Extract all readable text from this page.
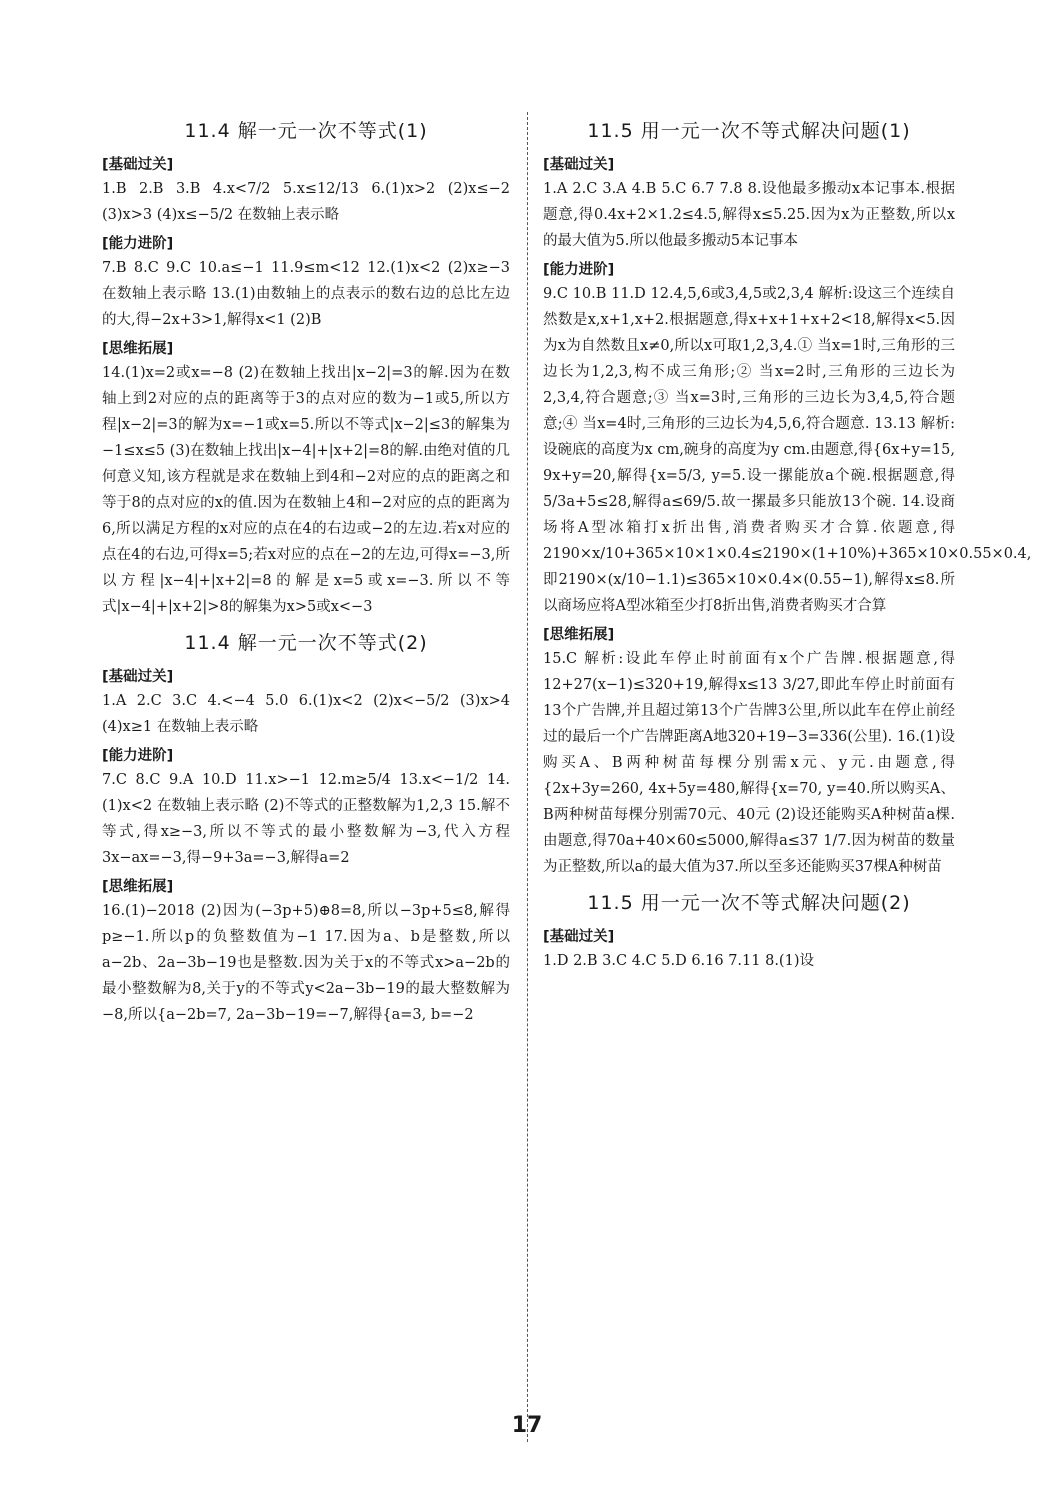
11.4 解一元一次不等式(1)
[基础过关]

1.B 2.B 3.B 4.x<7/2 5.x≤12/13 6.(1)x>2 (2)x≤−2 (3)x>3 (4)x≤−5/2 在数轴上表示略

[能力进阶]

7.B 8.C 9.C 10.a≤−1 11.9≤m<12 12.(1)x<2 (2)x≥−3 在数轴上表示略 13.(1)由数轴上的点表示的数右边的总比左边的大,得−2x+3>1,解得x<1 (2)B

[思维拓展]

14.(1)x=2或x=−8 (2)在数轴上找出|x−2|=3的解.因为在数轴上到2对应的点的距离等于3的点对应的数为−1或5,所以方程|x−2|=3的解为x=−1或x=5.所以不等式|x−2|≤3的解集为−1≤x≤5 (3)在数轴上找出|x−4|+|x+2|=8的解.由绝对值的几何意义知,该方程就是求在数轴上到4和−2对应的点的距离之和等于8的点对应的x的值.因为在数轴上4和−2对应的点的距离为6,所以满足方程的x对应的点在4的右边或−2的左边.若x对应的点在4的右边,可得x=5;若x对应的点在−2的左边,可得x=−3,所以方程|x−4|+|x+2|=8的解是x=5或x=−3.所以不等式|x−4|+|x+2|>8的解集为x>5或x<−3

11.4 解一元一次不等式(2)
[基础过关]

1.A 2.C 3.C 4.<−4 5.0 6.(1)x<2 (2)x<−5/2 (3)x>4 (4)x≥1 在数轴上表示略

[能力进阶]

7.C 8.C 9.A 10.D 11.x>−1 12.m≥5/4 13.x<−1/2 14.(1)x<2 在数轴上表示略 (2)不等式的正整数解为1,2,3 15.解不等式,得x≥−3,所以不等式的最小整数解为−3,代入方程3x−ax=−3,得−9+3a=−3,解得a=2

[思维拓展]

16.(1)−2018 (2)因为(−3p+5)⊕8=8,所以−3p+5≤8,解得p≥−1.所以p的负整数值为−1 17.因为a、b是整数,所以a−2b、2a−3b−19也是整数.因为关于x的不等式x>a−2b的最小整数解为8,关于y的不等式y<2a−3b−19的最大整数解为−8,所以{a−2b=7, 2a−3b−19=−7,解得{a=3, b=−2

11.5 用一元一次不等式解决问题(1)
[基础过关]

1.A 2.C 3.A 4.B 5.C 6.7 7.8 8.设他最多搬动x本记事本.根据题意,得0.4x+2×1.2≤4.5,解得x≤5.25.因为x为正整数,所以x的最大值为5.所以他最多搬动5本记事本

[能力进阶]

9.C 10.B 11.D 12.4,5,6或3,4,5或2,3,4 解析:设这三个连续自然数是x,x+1,x+2.根据题意,得x+x+1+x+2<18,解得x<5.因为x为自然数且x≠0,所以x可取1,2,3,4.① 当x=1时,三角形的三边长为1,2,3,构不成三角形;② 当x=2时,三角形的三边长为2,3,4,符合题意;③ 当x=3时,三角形的三边长为3,4,5,符合题意;④ 当x=4时,三角形的三边长为4,5,6,符合题意. 13.13 解析:设碗底的高度为x cm,碗身的高度为y cm.由题意,得{6x+y=15, 9x+y=20,解得{x=5/3, y=5.设一摞能放a个碗.根据题意,得5/3a+5≤28,解得a≤69/5.故一摞最多只能放13个碗. 14.设商场将A型冰箱打x折出售,消费者购买才合算.依题意,得2190×x/10+365×10×1×0.4≤2190×(1+10%)+365×10×0.55×0.4,即2190×(x/10−1.1)≤365×10×0.4×(0.55−1),解得x≤8.所以商场应将A型冰箱至少打8折出售,消费者购买才合算

[思维拓展]

15.C 解析:设此车停止时前面有x个广告牌.根据题意,得12+27(x−1)≤320+19,解得x≤13 3/27,即此车停止时前面有13个广告牌,并且超过第13个广告牌3公里,所以此车在停止前经过的最后一个广告牌距离A地320+19−3=336(公里). 16.(1)设购买A、B两种树苗每棵分别需x元、y元.由题意,得{2x+3y=260, 4x+5y=480,解得{x=70, y=40.所以购买A、B两种树苗每棵分别需70元、40元 (2)设还能购买A种树苗a棵.由题意,得70a+40×60≤5000,解得a≤37 1/7.因为树苗的数量为正整数,所以a的最大值为37.所以至多还能购买37棵A种树苗

11.5 用一元一次不等式解决问题(2)
[基础过关]

1.D 2.B 3.C 4.C 5.D 6.16 7.11 8.(1)设

17
